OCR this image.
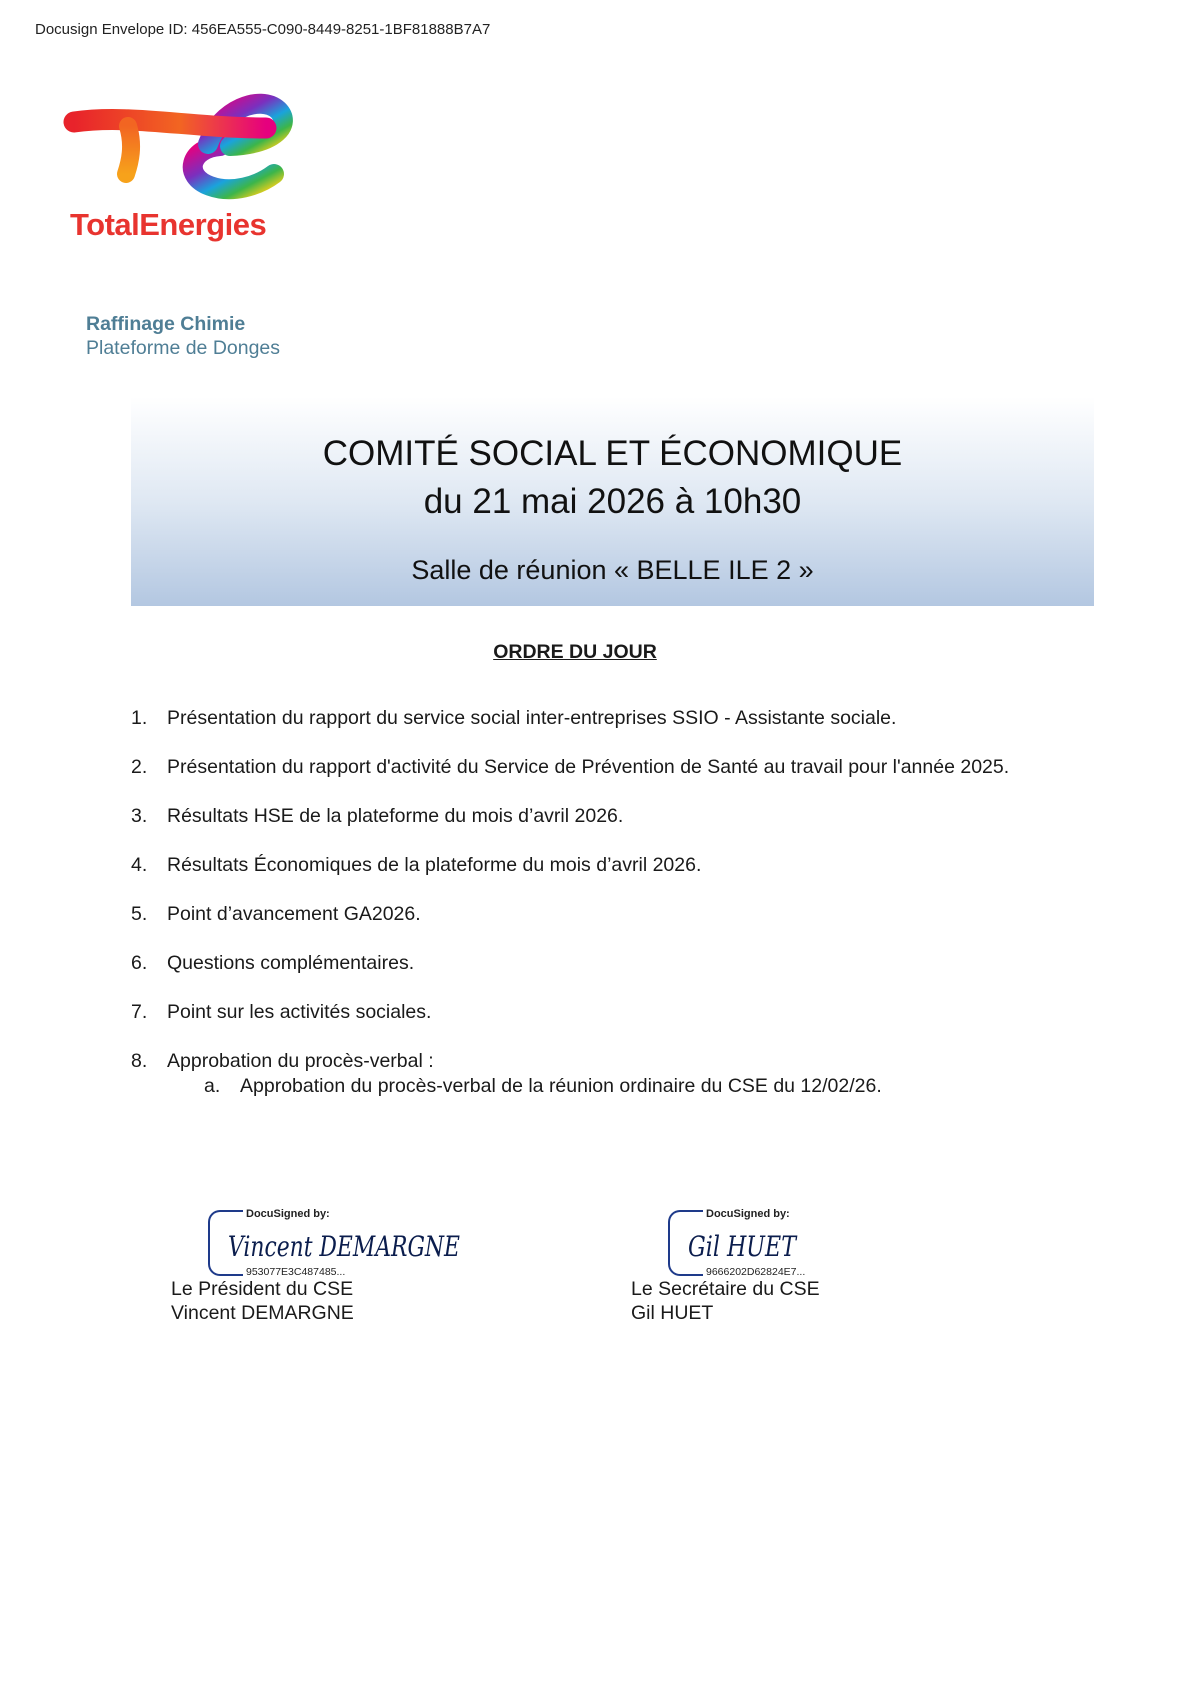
Docusign Envelope ID: 456EA555-C090-8449-8251-1BF81888B7A7
TotalEnergies
Raffinage Chimie
Plateforme de Donges
COMITÉ SOCIAL ET ÉCONOMIQUE
du 21 mai 2026 à 10h30
Salle de réunion « BELLE ILE 2 »
ORDRE DU JOUR
1. Présentation du rapport du service social inter-entreprises SSIO - Assistante sociale.
2. Présentation du rapport d'activité du Service de Prévention de Santé au travail pour l'année 2025.
3. Résultats HSE de la plateforme du mois d’avril 2026.
4. Résultats Économiques de la plateforme du mois d’avril 2026.
5. Point d’avancement GA2026.
6. Questions complémentaires.
7. Point sur les activités sociales.
8. Approbation du procès-verbal :
a. Approbation du procès-verbal de la réunion ordinaire du CSE du 12/02/26.
DocuSigned by:
Vincent DEMARGNE
953077E3C487485...
Le Président du CSE
Vincent DEMARGNE
DocuSigned by:
Gil HUET
9666202D62824E7...
Le Secrétaire du CSE
Gil HUET
